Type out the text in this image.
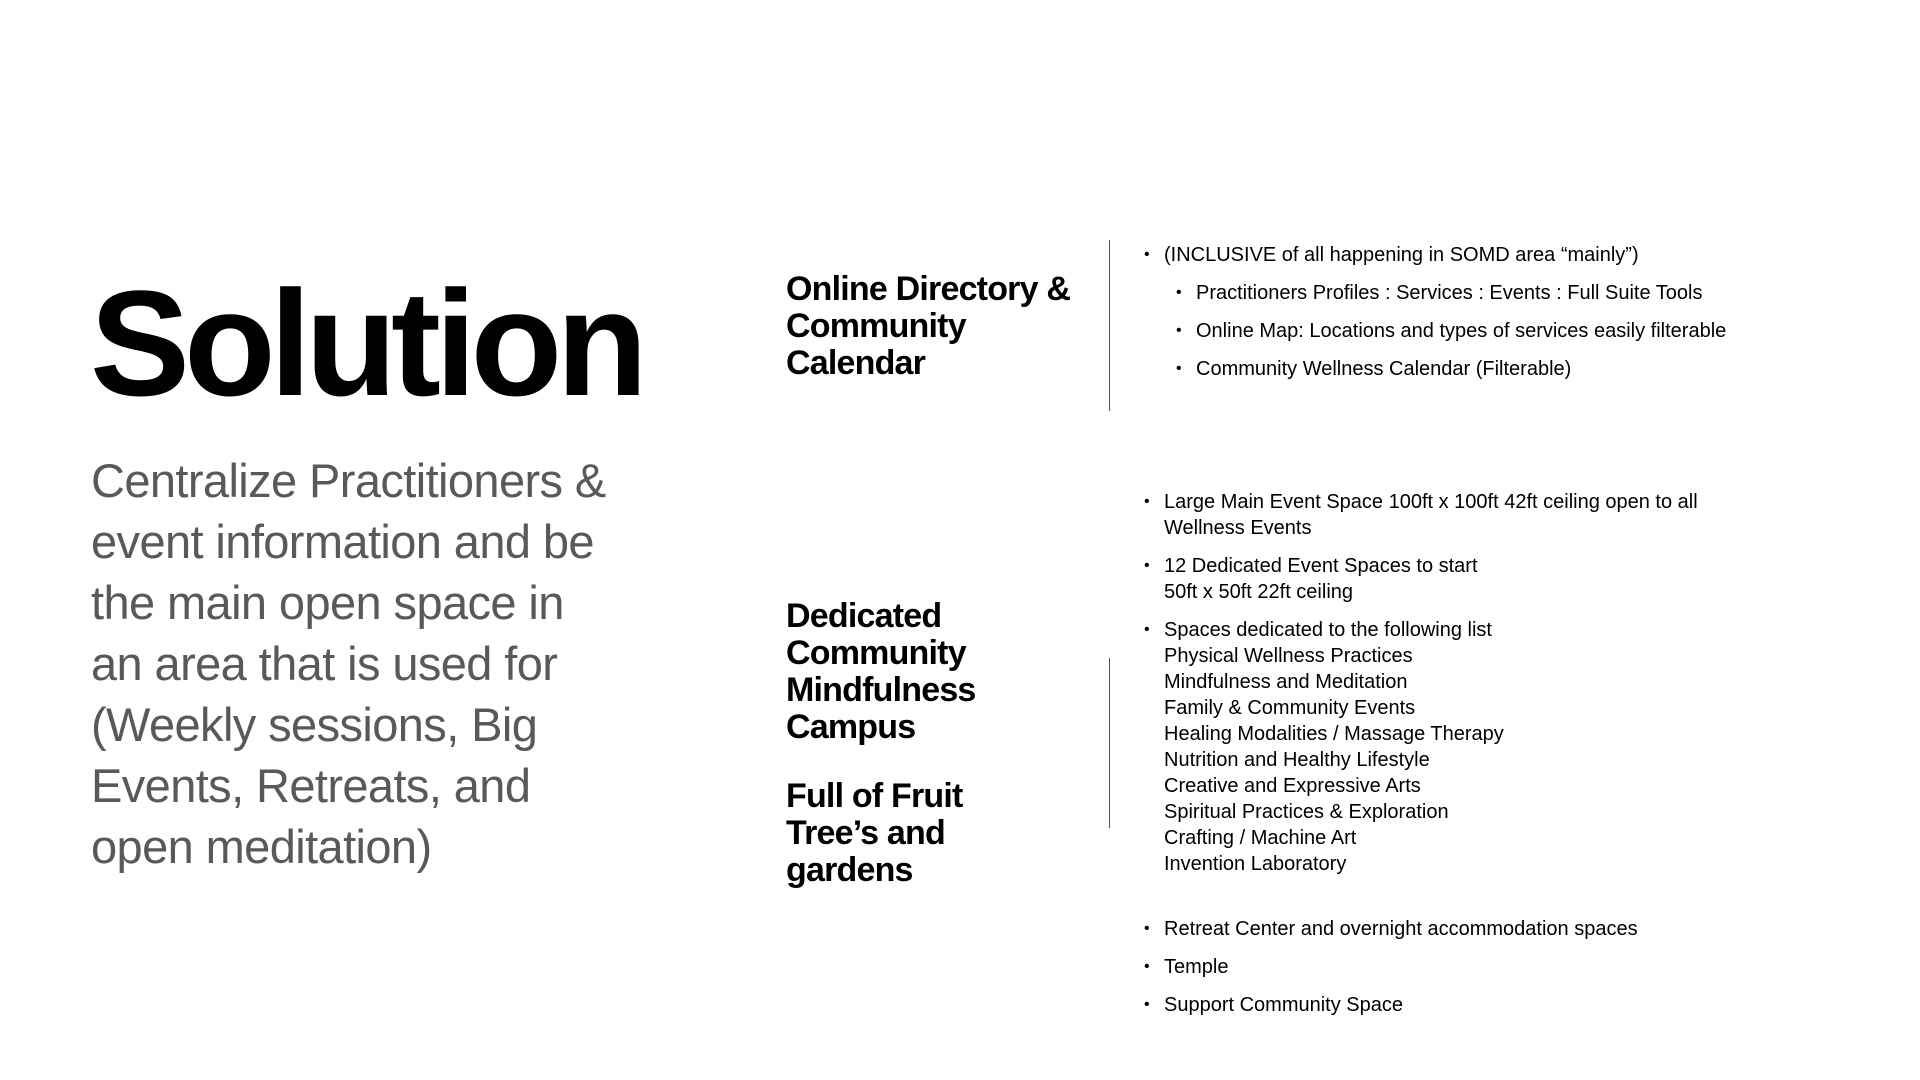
Solution
Centralize Practitioners & event information and be the main open space in an area that is used for (Weekly sessions, Big Events, Retreats, and open meditation)
Online Directory & Community Calendar
• (INCLUSIVE of all happening in SOMD area “mainly”)
• Practitioners Profiles : Services : Events : Full Suite Tools
• Online Map: Locations and types of services easily filterable
• Community Wellness Calendar (Filterable)
Dedicated Community Mindfulness Campus
Full of Fruit Tree’s and gardens
• Large Main Event Space 100ft x 100ft 42ft ceiling open to all Wellness Events
• 12 Dedicated Event Spaces to start
50ft x 50ft 22ft ceiling
• Spaces dedicated to the following list
Physical Wellness Practices
Mindfulness and Meditation
Family & Community Events
Healing Modalities / Massage Therapy
Nutrition and Healthy Lifestyle
Creative and Expressive Arts
Spiritual Practices & Exploration
Crafting / Machine Art
Invention Laboratory
• Retreat Center and overnight accommodation spaces
• Temple
• Support Community Space
